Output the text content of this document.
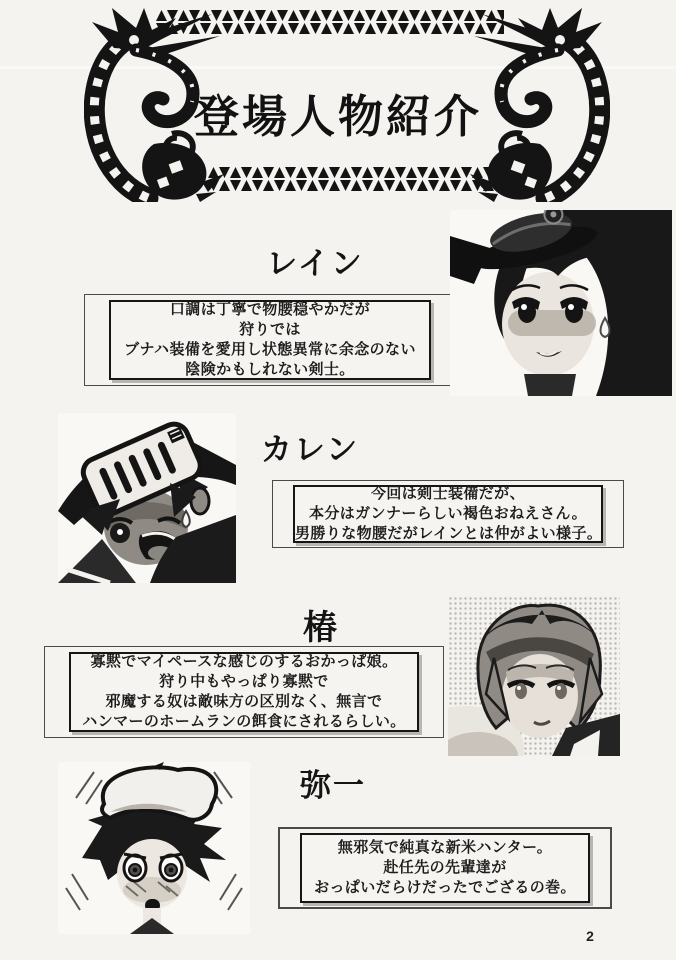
登場人物紹介
レイン
口調は丁寧で物腰穏やかだが
狩りでは
ブナハ装備を愛用し状態異常に余念のない
陰険かもしれない剣士。
カレン
今回は剣士装備だが、
本分はガンナーらしい褐色おねえさん。
男勝りな物腰だがレインとは仲がよい様子。
椿
寡黙でマイペースな感じのするおかっぱ娘。
狩り中もやっぱり寡黙で
邪魔する奴は敵味方の区別なく、無言で
ハンマーのホームランの餌食にされるらしい。
弥一
無邪気で純真な新米ハンター。
赴任先の先輩達が
おっぱいだらけだったでござるの巻。
2
